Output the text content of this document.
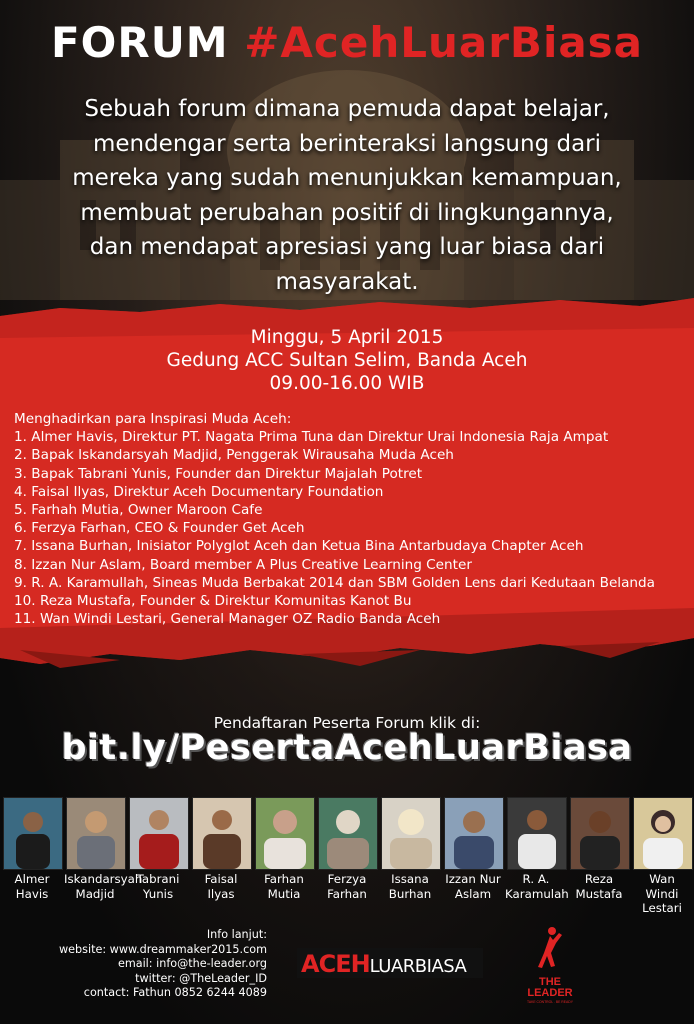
FORUM #AcehLuarBiasa
Sebuah forum dimana pemuda dapat belajar,
mendengar serta berinteraksi langsung dari
mereka yang sudah menunjukkan kemampuan,
membuat perubahan positif di lingkungannya,
dan mendapat apresiasi yang luar biasa dari
masyarakat.
Minggu, 5 April 2015
Gedung ACC Sultan Selim, Banda Aceh
09.00-16.00 WIB
Menghadirkan para Inspirasi Muda Aceh:
1. Almer Havis, Direktur PT. Nagata Prima Tuna dan Direktur Urai Indonesia Raja Ampat
2. Bapak Iskandarsyah Madjid, Penggerak Wirausaha Muda Aceh
3. Bapak Tabrani Yunis, Founder dan Direktur Majalah Potret
4. Faisal Ilyas, Direktur Aceh Documentary Foundation
5. Farhah Mutia, Owner Maroon Cafe
6. Ferzya Farhan, CEO & Founder Get Aceh
7. Issana Burhan, Inisiator Polyglot Aceh dan Ketua Bina Antarbudaya Chapter Aceh
8. Izzan Nur Aslam, Board member A Plus Creative Learning Center
9. R. A. Karamullah, Sineas Muda Berbakat 2014 dan SBM Golden Lens dari Kedutaan Belanda
10. Reza Mustafa, Founder & Direktur Komunitas Kanot Bu
11. Wan Windi Lestari, General Manager OZ Radio Banda Aceh
Pendaftaran Peserta Forum klik di:
bit.ly/PesertaAcehLuarBiasa
Almer
Havis
Iskandarsyah
Madjid
Tabrani
Yunis
Faisal
Ilyas
Farhan
Mutia
Ferzya
Farhan
Issana
Burhan
Izzan Nur
Aslam
R. A.
Karamulah
Reza
Mustafa
Wan Windi
Lestari
Info lanjut:
website: www.dreammaker2015.com
email: info@the-leader.org
twitter: @TheLeader_ID
contact: Fathun 0852 6244 4089
ACEHLUARBIASA
THE
LEADER
TAKE CONTROL . BE READY
